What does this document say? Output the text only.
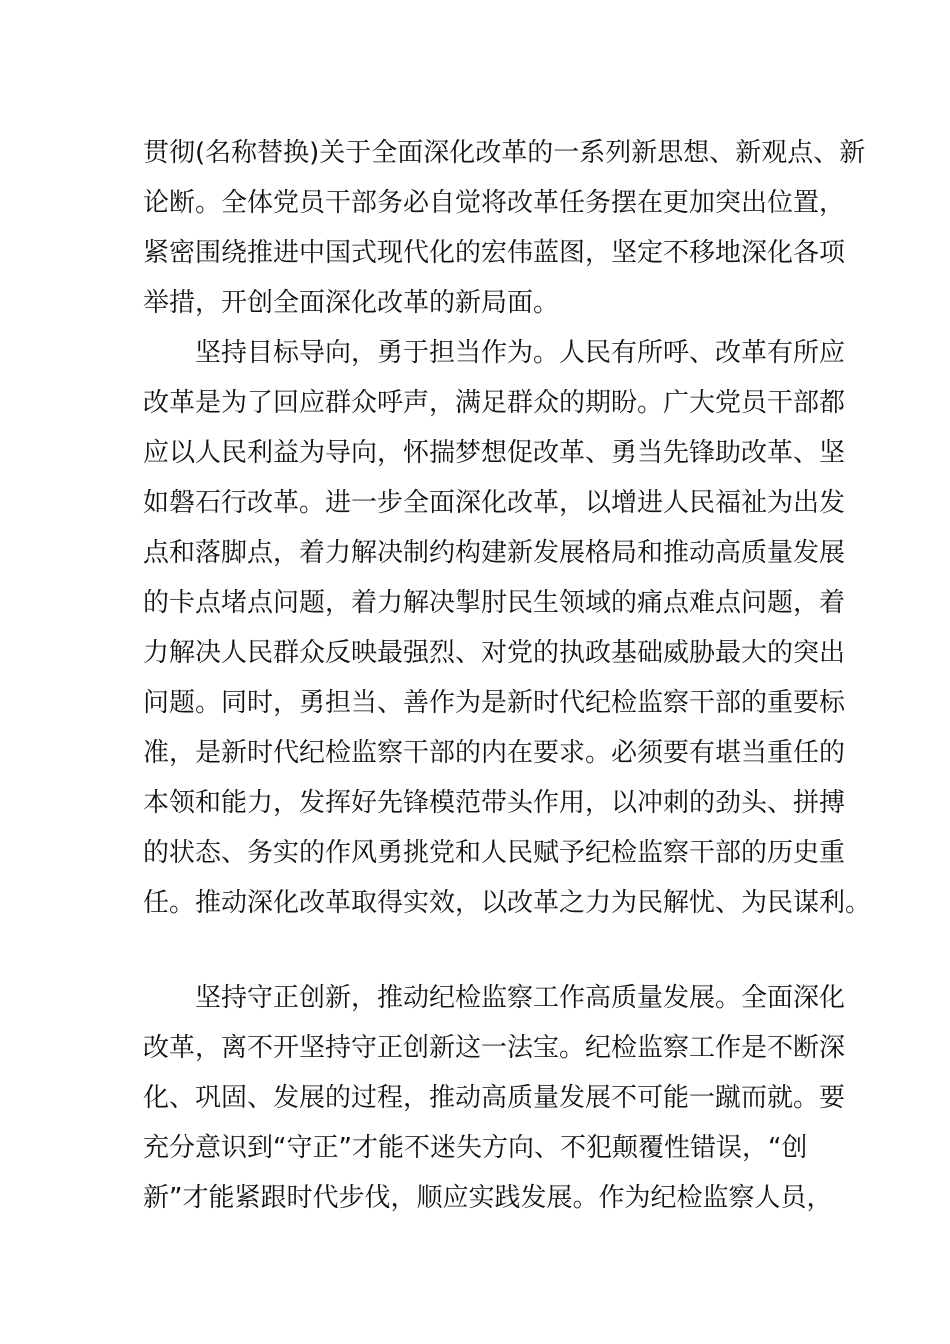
贯彻(名称替换)关于全面深化改革的一系列新思想、新观点、新
论断。全体党员干部务必自觉将改革任务摆在更加突出位置，
紧密围绕推进中国式现代化的宏伟蓝图，坚定不移地深化各项
举措，开创全面深化改革的新局面。
坚持目标导向，勇于担当作为。人民有所呼、改革有所应
改革是为了回应群众呼声，满足群众的期盼。广大党员干部都
应以人民利益为导向，怀揣梦想促改革、勇当先锋助改革、坚
如磐石行改革。进一步全面深化改革，以增进人民福祉为出发
点和落脚点，着力解决制约构建新发展格局和推动高质量发展
的卡点堵点问题，着力解决掣肘民生领域的痛点难点问题，着
力解决人民群众反映最强烈、对党的执政基础威胁最大的突出
问题。同时，勇担当、善作为是新时代纪检监察干部的重要标
准，是新时代纪检监察干部的内在要求。必须要有堪当重任的
本领和能力，发挥好先锋模范带头作用，以冲刺的劲头、拼搏
的状态、务实的作风勇挑党和人民赋予纪检监察干部的历史重
任。推动深化改革取得实效，以改革之力为民解忧、为民谋利。
坚持守正创新，推动纪检监察工作高质量发展。全面深化
改革，离不开坚持守正创新这一法宝。纪检监察工作是不断深
化、巩固、发展的过程，推动高质量发展不可能一蹴而就。要
充分意识到“守正”才能不迷失方向、不犯颠覆性错误，“创
新”才能紧跟时代步伐，顺应实践发展。作为纪检监察人员，
